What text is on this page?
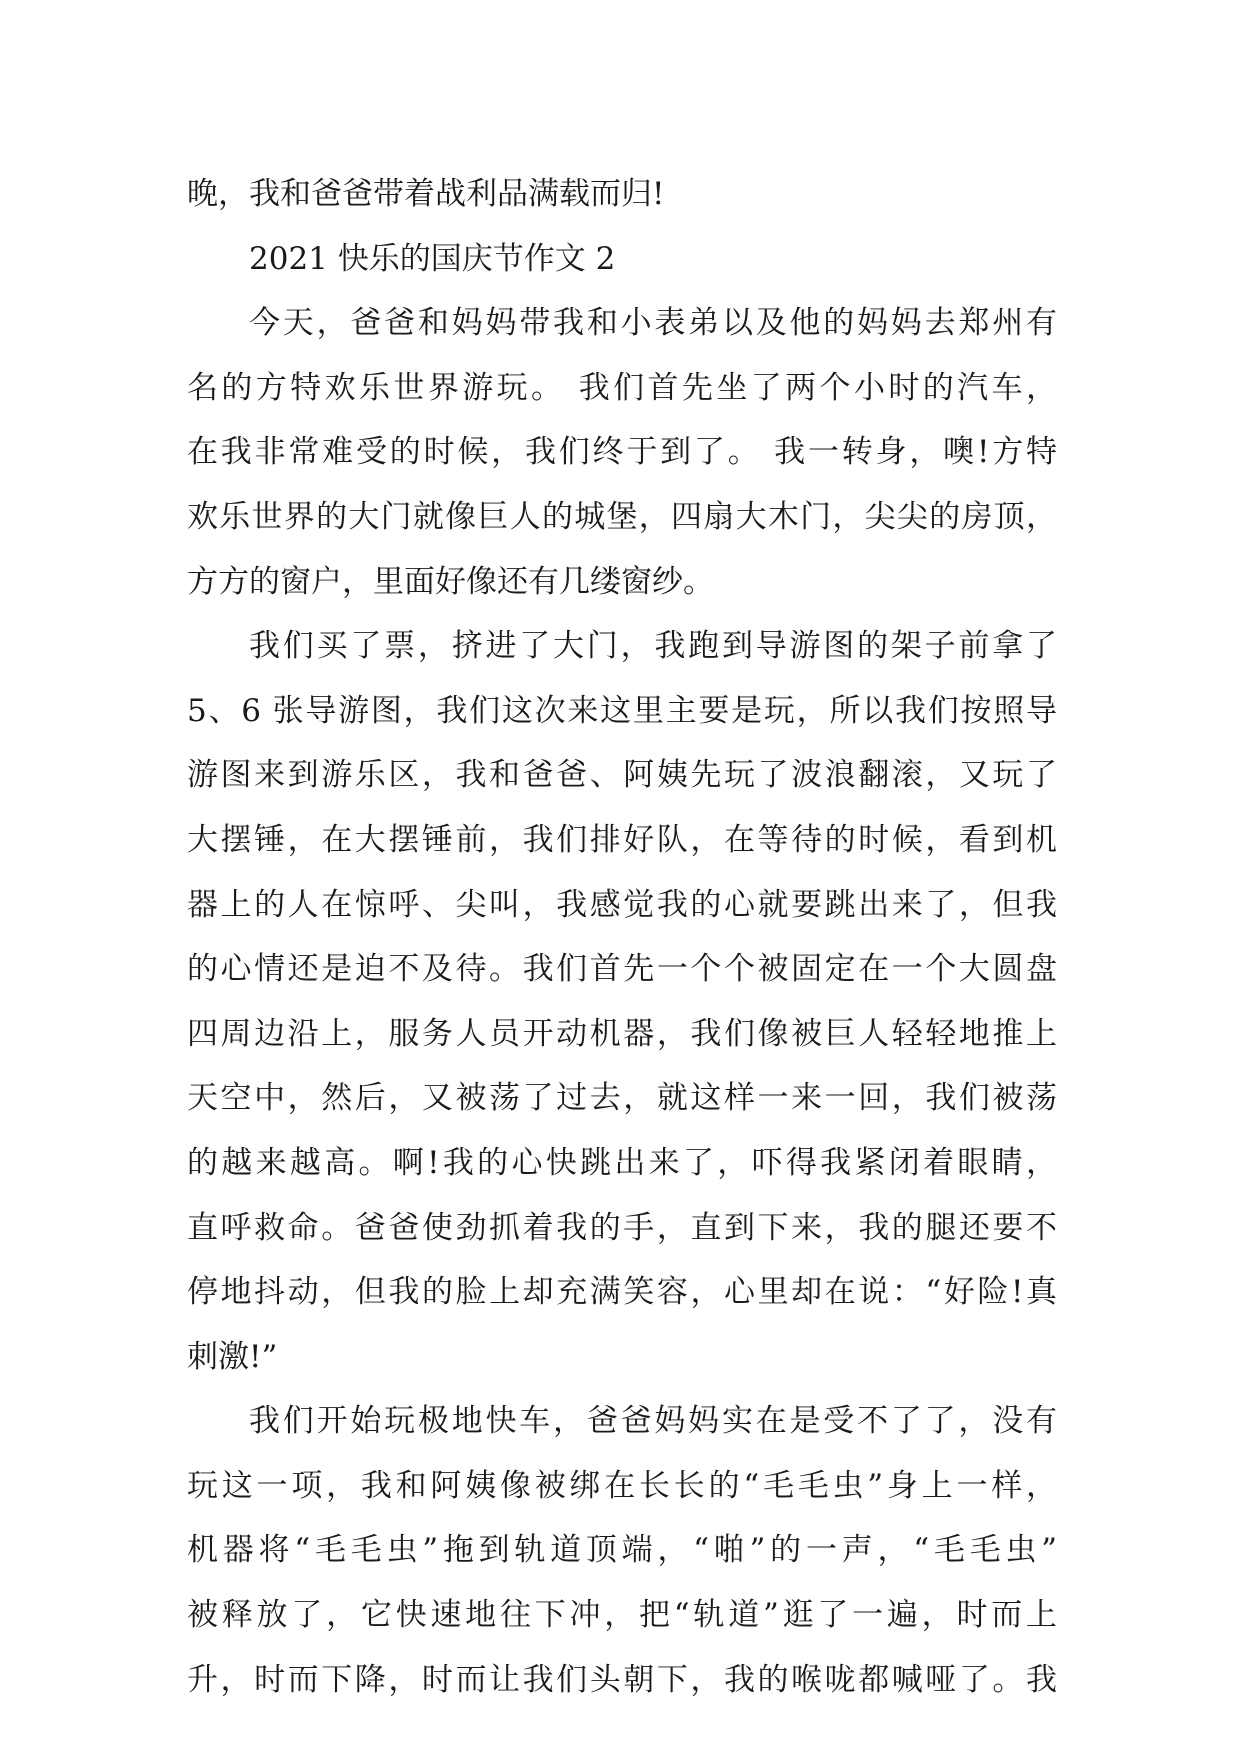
晚，我和爸爸带着战利品满载而归!
2021 快乐的国庆节作文 2
今天，爸爸和妈妈带我和小表弟以及他的妈妈去郑州有
名的方特欢乐世界游玩。 我们首先坐了两个小时的汽车，
在我非常难受的时候，我们终于到了。 我一转身，噢!方特
欢乐世界的大门就像巨人的城堡，四扇大木门，尖尖的房顶，
方方的窗户，里面好像还有几缕窗纱。
我们买了票，挤进了大门，我跑到导游图的架子前拿了
5、6 张导游图，我们这次来这里主要是玩，所以我们按照导
游图来到游乐区，我和爸爸、阿姨先玩了波浪翻滚，又玩了
大摆锤，在大摆锤前，我们排好队，在等待的时候，看到机
器上的人在惊呼、尖叫，我感觉我的心就要跳出来了，但我
的心情还是迫不及待。我们首先一个个被固定在一个大圆盘
四周边沿上，服务人员开动机器，我们像被巨人轻轻地推上
天空中，然后，又被荡了过去，就这样一来一回，我们被荡
的越来越高。啊!我的心快跳出来了，吓得我紧闭着眼睛，
直呼救命。爸爸使劲抓着我的手，直到下来，我的腿还要不
停地抖动，但我的脸上却充满笑容，心里却在说：“好险!真
刺激!”
我们开始玩极地快车，爸爸妈妈实在是受不了了，没有
玩这一项，我和阿姨像被绑在长长的“毛毛虫”身上一样，
机器将“毛毛虫”拖到轨道顶端，“啪”的一声，“毛毛虫”
被释放了，它快速地往下冲，把“轨道”逛了一遍，时而上
升，时而下降，时而让我们头朝下，我的喉咙都喊哑了。我
